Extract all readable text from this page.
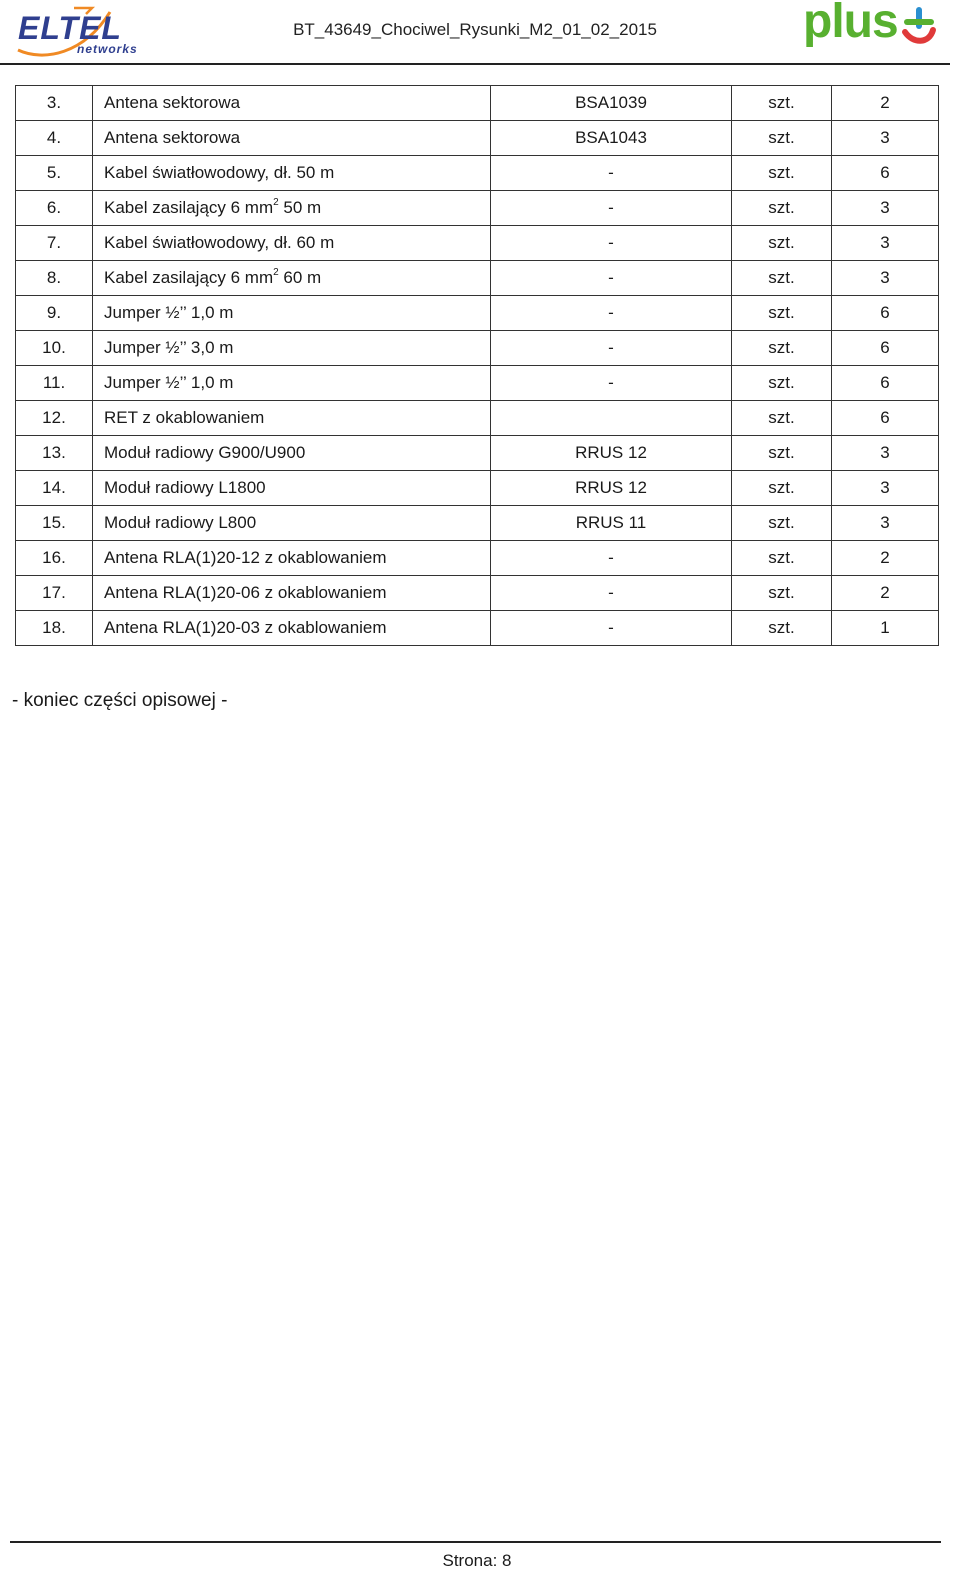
ELTEL
networks
BT_43649_Chociwel_Rysunki_M2_01_02_2015	plus
3.	Antena sektorowa	BSA1039	szt.	2
4.	Antena sektorowa	BSA1043	szt.	3
5.	Kabel światłowodowy, dł. 50 m	-	szt.	6
6.	Kabel zasilający 6 $mm^2$ 50 m	-	szt.	3
7.	Kabel światłowodowy, dł. 60 m	-	szt.	3
8.	Kabel zasilający 6 $mm^2$ 60 m	-	szt.	3
9.	Jumper ½’’ 1,0 m	-	szt.	6
10.	Jumper ½’’ 3,0 m	-	szt.	6
11.	Jumper ½’’ 1,0 m	-	szt.	6
12.	RET z okablowaniem		szt.	6
13.	Moduł radiowy G900/U900	RRUS 12	szt.	3
14.	Moduł radiowy L1800	RRUS 12	szt.	3
15.	Moduł radiowy L800	RRUS 11	szt.	3
16.	Antena RLA(1)20-12 z okablowaniem	-	szt.	2
17.	Antena RLA(1)20-06 z okablowaniem	-	szt.	2
18.	Antena RLA(1)20-03 z okablowaniem	-	szt.	1
- koniec części opisowej -
Strona: 8
